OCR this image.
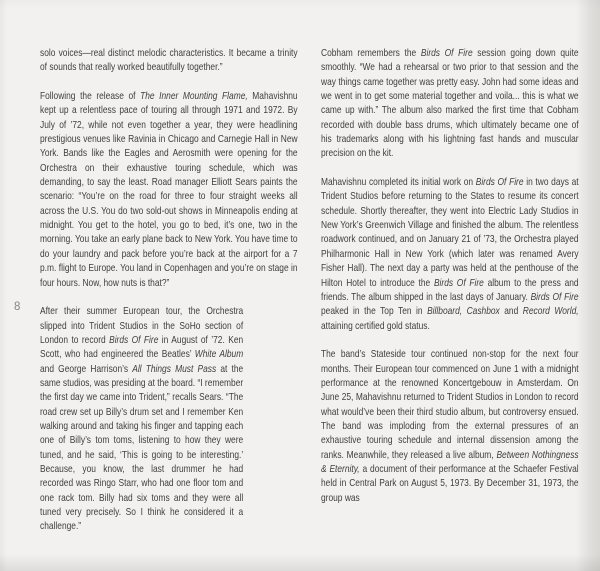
8

solo voices—real distinct melodic characteristics. It became a trinity of sounds that really worked beautifully together.”

Following the release of The Inner Mounting Flame, Mahavishnu kept up a relentless pace of touring all through 1971 and 1972. By July of ’72, while not even together a year, they were headlining prestigious venues like Ravinia in Chicago and Carnegie Hall in New York. Bands like the Eagles and Aerosmith were opening for the Orchestra on their exhaustive touring schedule, which was demanding, to say the least. Road manager Elliott Sears paints the scenario: “You’re on the road for three to four straight weeks all across the U.S. You do two sold-out shows in Minneapolis ending at midnight. You get to the hotel, you go to bed, it’s one, two in the morning. You take an early plane back to New York. You have time to do your laundry and pack before you’re back at the airport for a 7 p.m. flight to Europe. You land in Copenhagen and you’re on stage in four hours. Now, how nuts is that?”

After their summer European tour, the Orchestra slipped into Trident Studios in the SoHo section of London to record Birds Of Fire in August of ’72. Ken Scott, who had engineered the Beatles’ White Album and George Harrison’s All Things Must Pass at the same studios, was presiding at the board. “I remember the first day we came into Trident,” recalls Sears. “The road crew set up Billy’s drum set and I remember Ken walking around and taking his finger and tapping each one of Billy’s tom toms, listening to how they were tuned, and he said, ‘This is going to be interesting.’ Because, you know, the last drummer he had recorded was Ringo Starr, who had one floor tom and one rack tom. Billy had six toms and they were all tuned very precisely. So I think he considered it a challenge.”

Cobham remembers the Birds Of Fire session going down quite smoothly. “We had a rehearsal or two prior to that session and the way things came together was pretty easy. John had some ideas and we went in to get some material together and voila... this is what we came up with.” The album also marked the first time that Cobham recorded with double bass drums, which ultimately became one of his trademarks along with his lightning fast hands and muscular precision on the kit.

Mahavishnu completed its initial work on Birds Of Fire in two days at Trident Studios before returning to the States to resume its concert schedule. Shortly thereafter, they went into Electric Lady Studios in New York’s Greenwich Village and finished the album. The relentless roadwork continued, and on January 21 of ’73, the Orchestra played Philharmonic Hall in New York (which later was renamed Avery Fisher Hall). The next day a party was held at the penthouse of the Hilton Hotel to introduce the Birds Of Fire album to the press and friends. The album shipped in the last days of January. Birds Of Fire peaked in the Top Ten in Billboard, Cashbox and Record World, attaining certified gold status.

The band’s Stateside tour continued non-stop for the next four months. Their European tour commenced on June 1 with a midnight performance at the renowned Koncertgebouw in Amsterdam. On June 25, Mahavishnu returned to Trident Studios in London to record what would’ve been their third studio album, but controversy ensued. The band was imploding from the external pressures of an exhaustive touring schedule and internal dissension among the ranks. Meanwhile, they released a live album, Between Nothingness & Eternity, a document of their performance at the Schaefer Festival held in Central Park on August 5, 1973. By December 31, 1973, the group was
